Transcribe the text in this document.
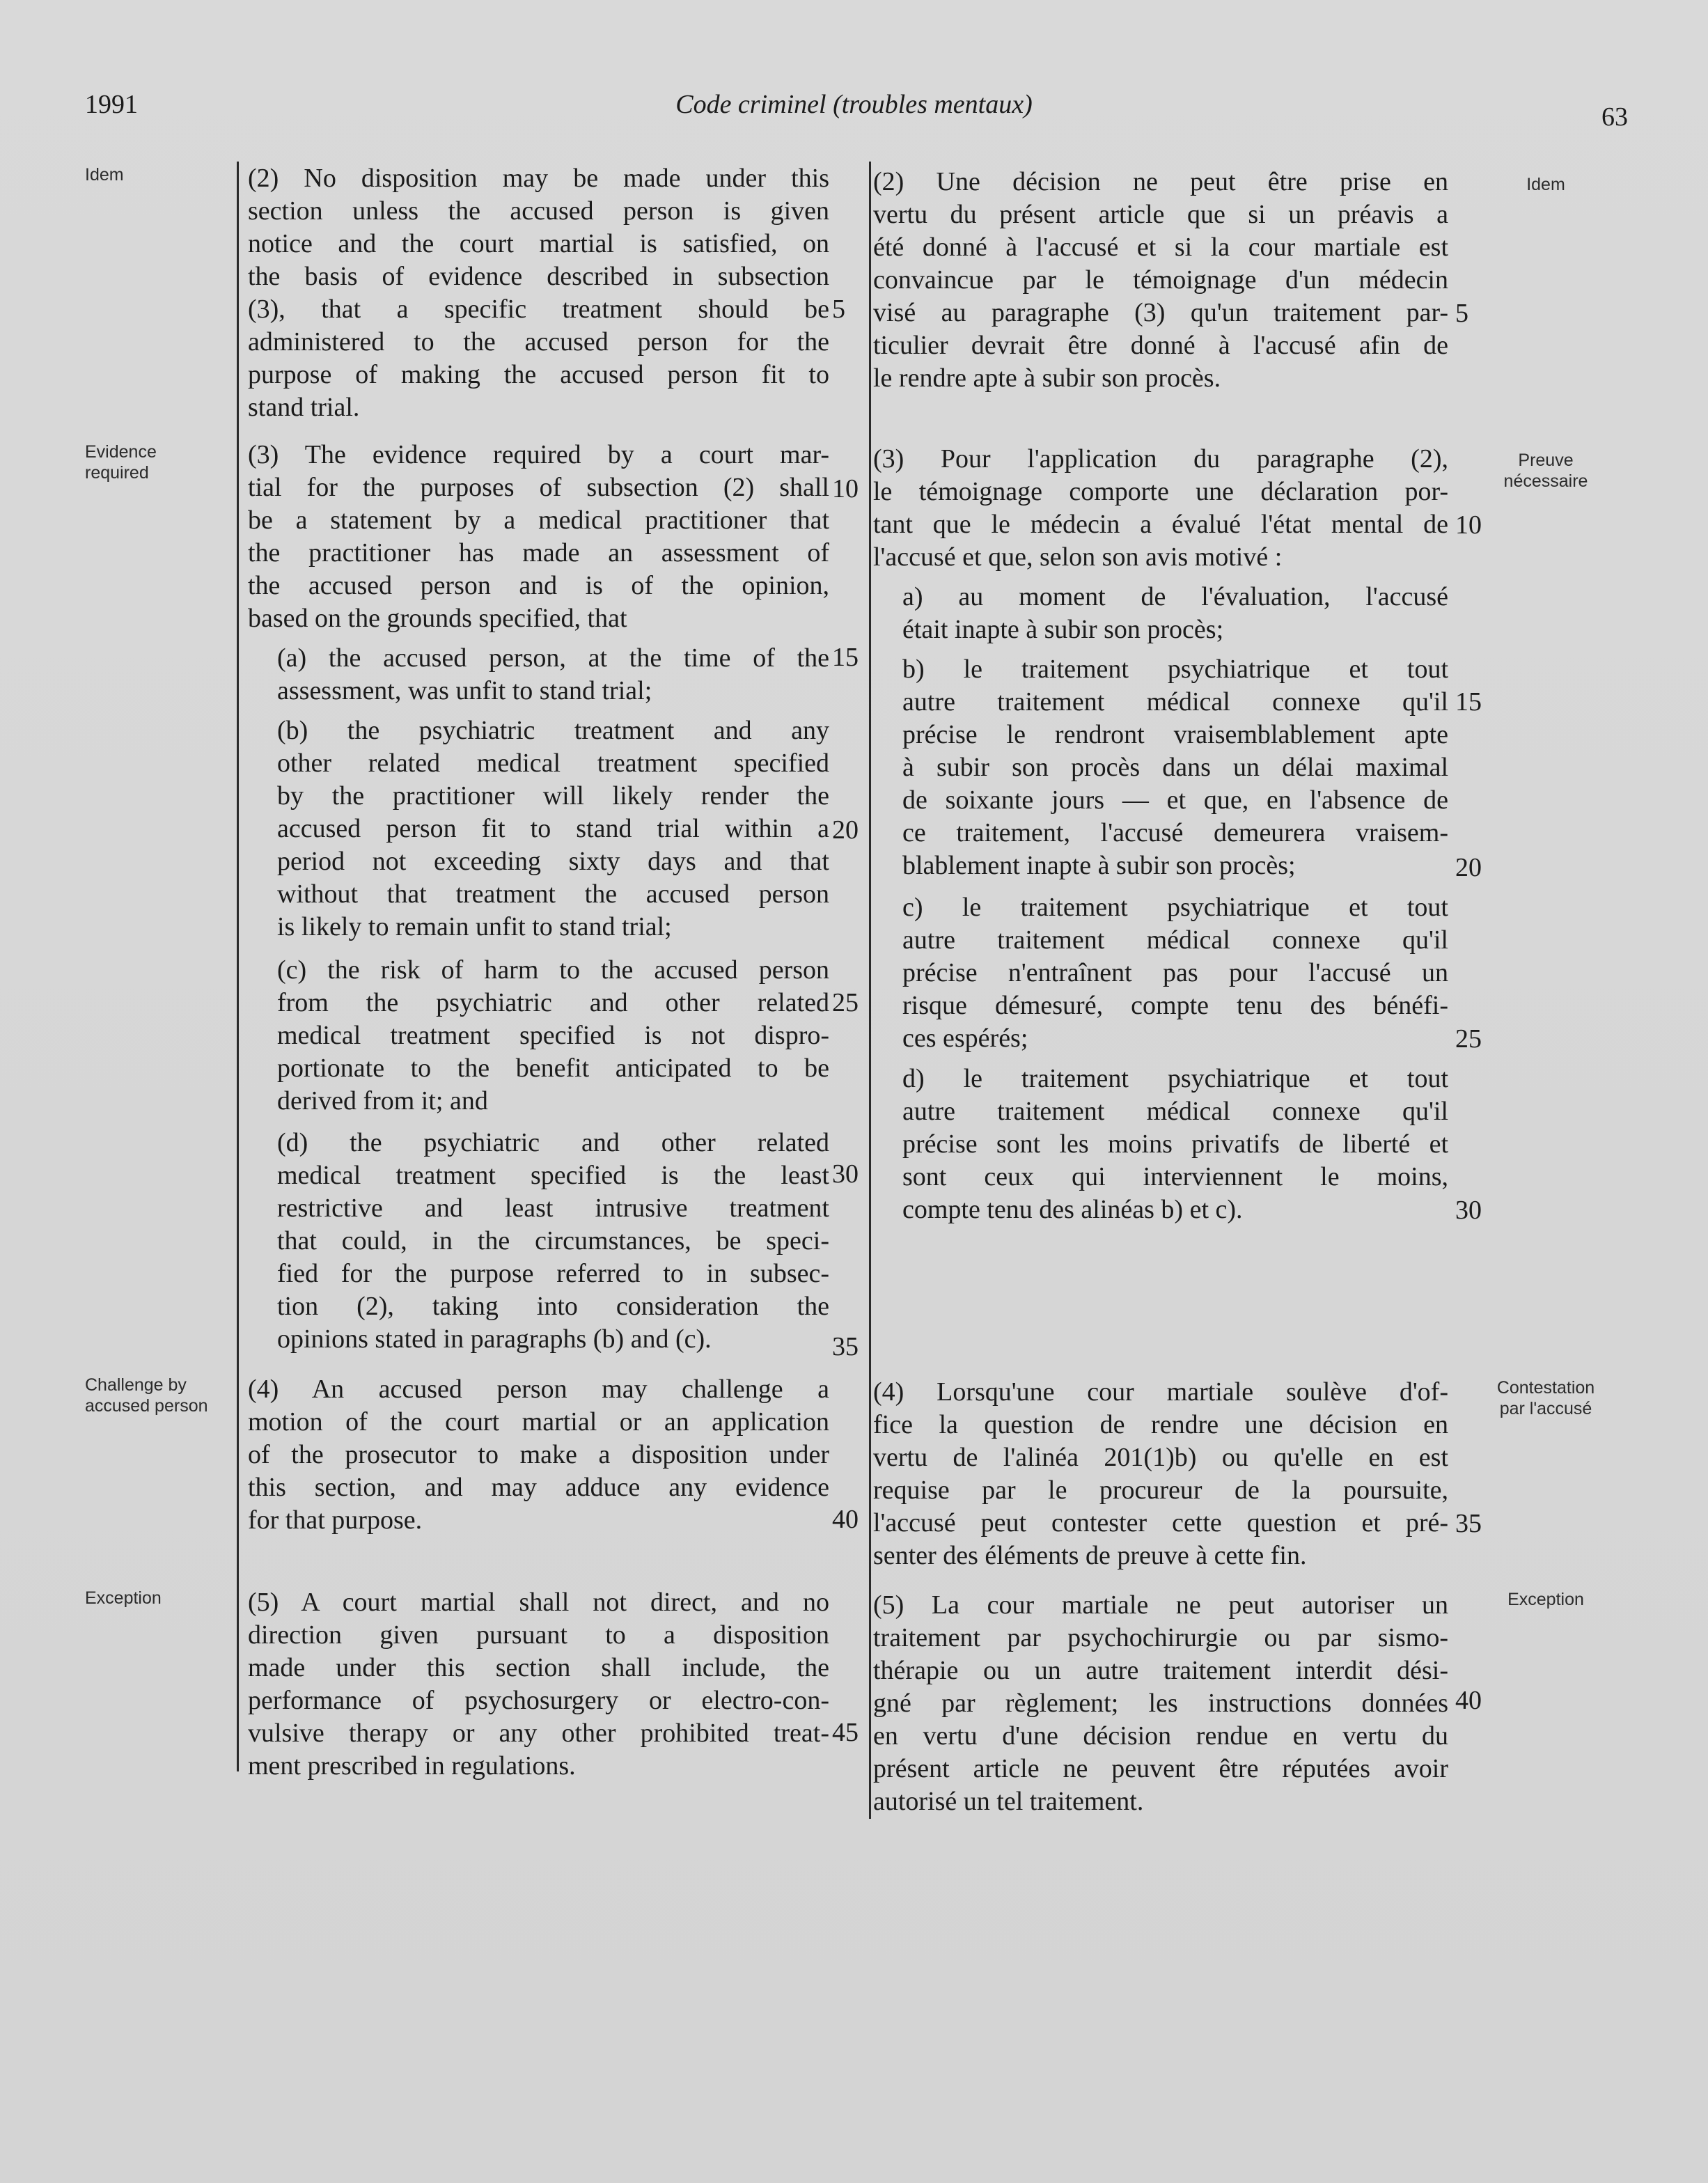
1991	Code criminel (troubles mentaux)	63
Idem
Evidence required
Challenge by accused person
Exception
Idem
Preuve nécessaire
Contestation par l'accusé
Exception
(2) No disposition may be made under this
section unless the accused person is given
notice and the court martial is satisfied, on
the basis of evidence described in subsection
(3), that a specific treatment should be
administered to the accused person for the
purpose of making the accused person fit to
stand trial.
(3) The evidence required by a court mar-
tial for the purposes of subsection (2) shall
be a statement by a medical practitioner that
the practitioner has made an assessment of
the accused person and is of the opinion,
based on the grounds specified, that
(a) the accused person, at the time of the
assessment, was unfit to stand trial;
(b) the psychiatric treatment and any
other related medical treatment specified
by the practitioner will likely render the
accused person fit to stand trial within a
period not exceeding sixty days and that
without that treatment the accused person
is likely to remain unfit to stand trial;
(c) the risk of harm to the accused person
from the psychiatric and other related
medical treatment specified is not dispro-
portionate to the benefit anticipated to be
derived from it; and
(d) the psychiatric and other related
medical treatment specified is the least
restrictive and least intrusive treatment
that could, in the circumstances, be speci-
fied for the purpose referred to in subsec-
tion (2), taking into consideration the
opinions stated in paragraphs (b) and (c).
(4) An accused person may challenge a
motion of the court martial or an application
of the prosecutor to make a disposition under
this section, and may adduce any evidence
for that purpose.
(5) A court martial shall not direct, and no
direction given pursuant to a disposition
made under this section shall include, the
performance of psychosurgery or electro-con-
vulsive therapy or any other prohibited treat-
ment prescribed in regulations.
(2) Une décision ne peut être prise en
vertu du présent article que si un préavis a
été donné à l'accusé et si la cour martiale est
convaincue par le témoignage d'un médecin
visé au paragraphe (3) qu'un traitement par-
ticulier devrait être donné à l'accusé afin de
le rendre apte à subir son procès.
(3) Pour l'application du paragraphe (2),
le témoignage comporte une déclaration por-
tant que le médecin a évalué l'état mental de
l'accusé et que, selon son avis motivé :
a) au moment de l'évaluation, l'accusé
était inapte à subir son procès;
b) le traitement psychiatrique et tout
autre traitement médical connexe qu'il
précise le rendront vraisemblablement apte
à subir son procès dans un délai maximal
de soixante jours — et que, en l'absence de
ce traitement, l'accusé demeurera vraisem-
blablement inapte à subir son procès;
c) le traitement psychiatrique et tout
autre traitement médical connexe qu'il
précise n'entraînent pas pour l'accusé un
risque démesuré, compte tenu des bénéfi-
ces espérés;
d) le traitement psychiatrique et tout
autre traitement médical connexe qu'il
précise sont les moins privatifs de liberté et
sont ceux qui interviennent le moins,
compte tenu des alinéas b) et c).
(4) Lorsqu'une cour martiale soulève d'of-
fice la question de rendre une décision en
vertu de l'alinéa 201(1)b) ou qu'elle en est
requise par le procureur de la poursuite,
l'accusé peut contester cette question et pré-
senter des éléments de preuve à cette fin.
(5) La cour martiale ne peut autoriser un
traitement par psychochirurgie ou par sismo-
thérapie ou un autre traitement interdit dési-
gné par règlement; les instructions données
en vertu d'une décision rendue en vertu du
présent article ne peuvent être réputées avoir
autorisé un tel traitement.
5
10
15
20
25
30
35
40
45
5
10
15
20
25
30
35
40
